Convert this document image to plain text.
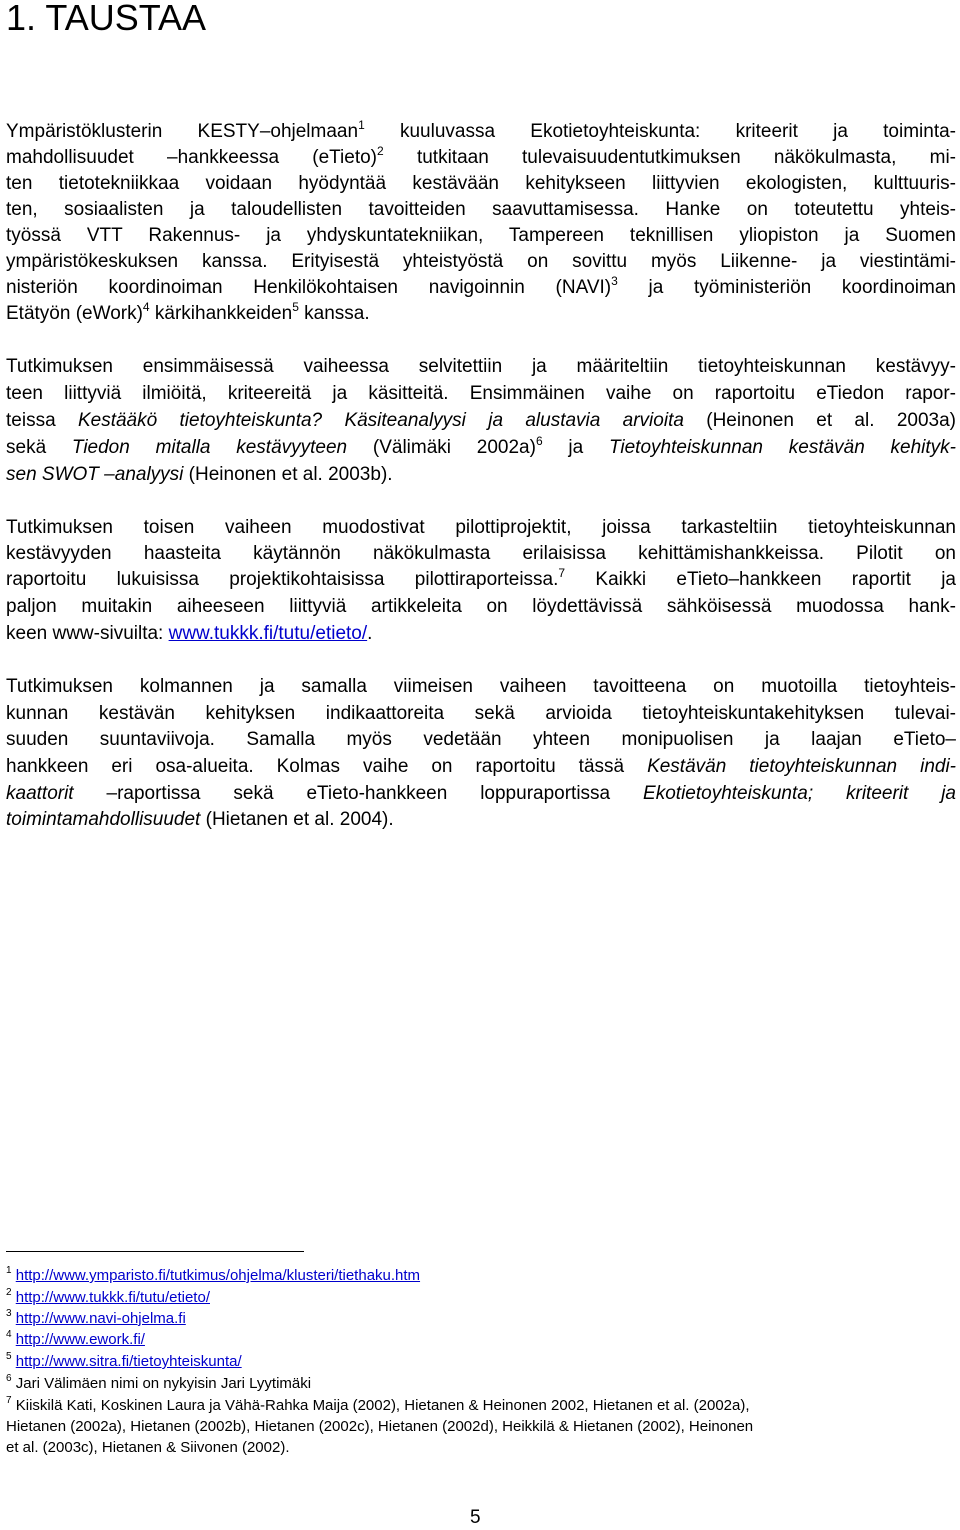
1. TAUSTAA
Ympäristöklusterin KESTY–ohjelmaan$^1$ kuuluvassa Ekotietoyhteiskunta: kriteerit ja toiminta-
mahdollisuudet –hankkeessa (eTieto)$^2$ tutkitaan tulevaisuudentutkimuksen näkökulmasta, mi-
ten tietotekniikkaa voidaan hyödyntää kestävään kehitykseen liittyvien ekologisten, kulttuuris-
ten, sosiaalisten ja taloudellisten tavoitteiden saavuttamisessa. Hanke on toteutettu yhteis-
työssä VTT Rakennus- ja yhdyskuntatekniikan, Tampereen teknillisen yliopiston ja Suomen
ympäristökeskuksen kanssa. Erityisestä yhteistyöstä on sovittu myös Liikenne- ja viestintämi-
nisteriön koordinoiman Henkilökohtaisen navigoinnin (NAVI)$^3$ ja työministeriön koordinoiman
Etätyön (eWork)$^4$ kärkihankkeiden$^5$ kanssa.
Tutkimuksen ensimmäisessä vaiheessa selvitettiin ja määriteltiin tietoyhteiskunnan kestävyy-
teen liittyviä ilmiöitä, kriteereitä ja käsitteitä. Ensimmäinen vaihe on raportoitu eTiedon rapor-
teissa Kestääkö tietoyhteiskunta? Käsiteanalyysi ja alustavia arvioita (Heinonen et al. 2003a)
sekä Tiedon mitalla kestävyyteen (Välimäki 2002a)$^6$ ja Tietoyhteiskunnan kestävän kehityk-
sen SWOT –analyysi (Heinonen et al. 2003b).
Tutkimuksen toisen vaiheen muodostivat pilottiprojektit, joissa tarkasteltiin tietoyhteiskunnan
kestävyyden haasteita käytännön näkökulmasta erilaisissa kehittämishankkeissa. Pilotit on
raportoitu lukuisissa projektikohtaisissa pilottiraporteissa.$^7$ Kaikki eTieto–hankkeen raportit ja
paljon muitakin aiheeseen liittyviä artikkeleita on löydettävissä sähköisessä muodossa hank-
keen www-sivuilta: www.tukkk.fi/tutu/etieto/.
Tutkimuksen kolmannen ja samalla viimeisen vaiheen tavoitteena on muotoilla tietoyhteis-
kunnan kestävän kehityksen indikaattoreita sekä arvioida tietoyhteiskuntakehityksen tulevai-
suuden suuntaviivoja. Samalla myös vedetään yhteen monipuolisen ja laajan eTieto–
hankkeen eri osa-alueita. Kolmas vaihe on raportoitu tässä Kestävän tietoyhteiskunnan indi-
kaattorit –raportissa sekä eTieto-hankkeen loppuraportissa Ekotietoyhteiskunta; kriteerit ja
toimintamahdollisuudet (Hietanen et al. 2004).
$^1$ http://www.ymparisto.fi/tutkimus/ohjelma/klusteri/tiethaku.htm
$^2$ http://www.tukkk.fi/tutu/etieto/
$^3$ http://www.navi-ohjelma.fi
$^4$ http://www.ework.fi/
$^5$ http://www.sitra.fi/tietoyhteiskunta/
$^6$ Jari Välimäen nimi on nykyisin Jari Lyytimäki
$^7$ Kiiskilä Kati, Koskinen Laura ja Vähä-Rahka Maija (2002), Hietanen & Heinonen 2002, Hietanen et al. (2002a),
Hietanen (2002a), Hietanen (2002b), Hietanen (2002c), Hietanen (2002d), Heikkilä & Hietanen (2002), Heinonen
et al. (2003c), Hietanen & Siivonen (2002).
5
